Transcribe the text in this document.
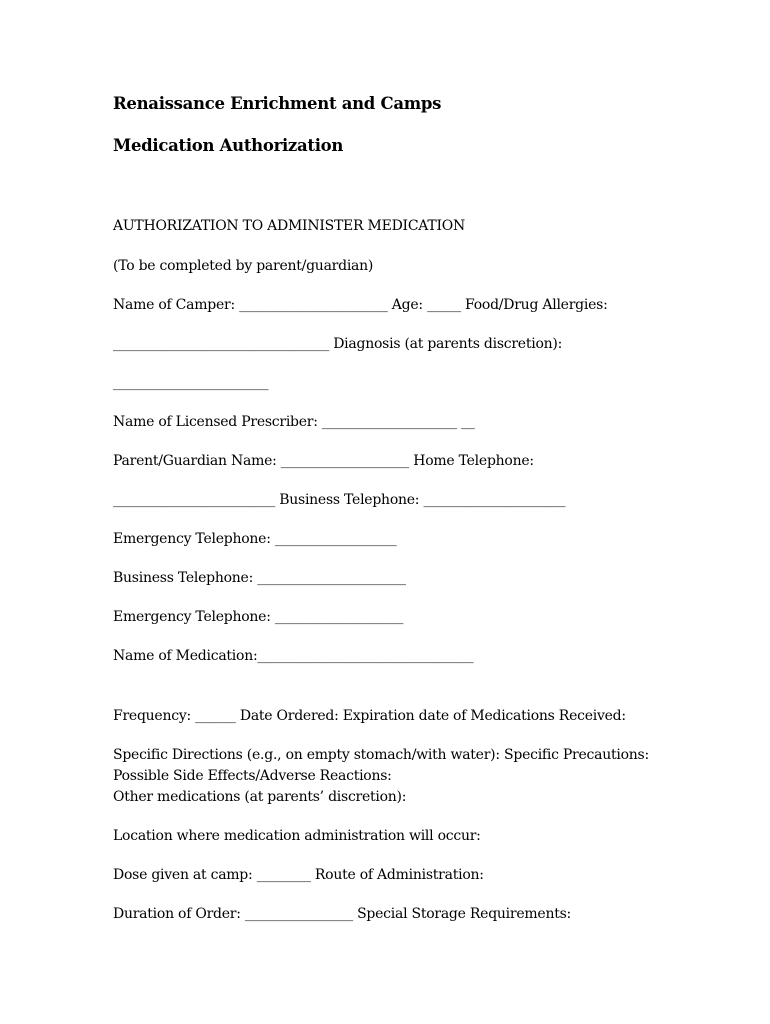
Renaissance Enrichment and Camps
Medication Authorization
AUTHORIZATION TO ADMINISTER MEDICATION
(To be completed by parent/guardian)
Name of Camper: ______________________ Age: _____ Food/Drug Allergies:
________________________________ Diagnosis (at parents discretion):
_______________________
Name of Licensed Prescriber: ____________________ __
Parent/Guardian Name: ___________________ Home Telephone:
________________________ Business Telephone: _____________________
Emergency Telephone: __________________
Business Telephone: ______________________
Emergency Telephone: ___________________
Name of Medication:________________________________
Frequency: ______ Date Ordered: Expiration date of Medications Received:
Specific Directions (e.g., on empty stomach/with water): Specific Precautions:
Possible Side Effects/Adverse Reactions:
Other medications (at parents’ discretion):
Location where medication administration will occur:
Dose given at camp: ________ Route of Administration:
Duration of Order: ________________ Special Storage Requirements:
